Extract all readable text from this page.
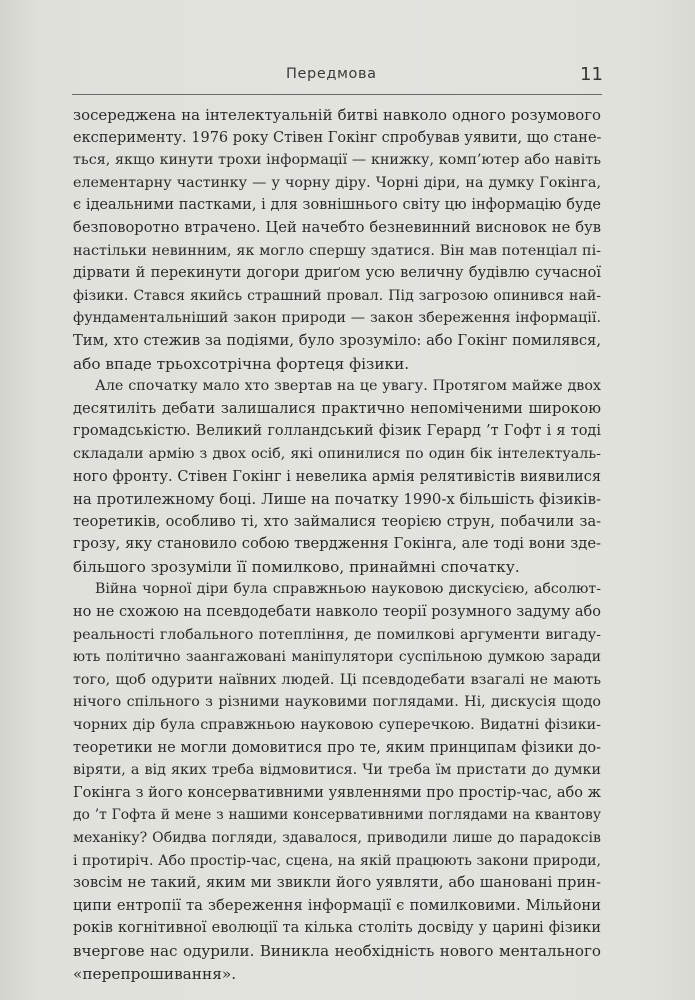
Передмова	11
зосереджена на інтелектуальній битві навколо одного розумового
експерименту. 1976 року Стівен Гокінг спробував уявити, що стане-
ться, якщо кинути трохи інформації — книжку, комп’ютер або навіть
елементарну частинку — у чорну діру. Чорні діри, на думку Гокінга,
є ідеальними пастками, і для зовнішнього світу цю інформацію буде
безповоротно втрачено. Цей начебто безневинний висновок не був
настільки невинним, як могло спершу здатися. Він мав потенціал пі-
дірвати й перекинути догори дриґом усю величну будівлю сучасної
фізики. Стався якийсь страшний провал. Під загрозою опинився най-
фундаментальніший закон природи — закон збереження інформації.
Тим, хто стежив за подіями, було зрозуміло: або Гокінг помилявся,
або впаде трьохсотрічна фортеця фізики.
Але спочатку мало хто звертав на це увагу. Протягом майже двох
десятиліть дебати залишалися практично непоміченими широкою
громадськістю. Великий голландський фізик Герард ’т Гофт і я тоді
складали армію з двох осіб, які опинилися по один бік інтелектуаль-
ного фронту. Стівен Гокінг і невелика армія релятивістів виявилися
на протилежному боці. Лише на початку 1990-х більшість фізиків-
теоретиків, особливо ті, хто займалися теорією струн, побачили за-
грозу, яку становило собою твердження Гокінга, але тоді вони зде-
більшого зрозуміли її помилково, принаймні спочатку.
Війна чорної діри була справжньою науковою дискусією, абсолют-
но не схожою на псевдодебати навколо теорії розумного задуму або
реальності глобального потепління, де помилкові аргументи вигаду-
ють політично заангажовані маніпулятори суспільною думкою заради
того, щоб одурити наївних людей. Ці псевдодебати взагалі не мають
нічого спільного з різними науковими поглядами. Ні, дискусія щодо
чорних дір була справжньою науковою суперечкою. Видатні фізики-
теоретики не могли домовитися про те, яким принципам фізики до-
віряти, а від яких треба відмовитися. Чи треба їм пристати до думки
Гокінга з його консервативними уявленнями про простір-час, або ж
до ’т Гофта й мене з нашими консервативними поглядами на квантову
механіку? Обидва погляди, здавалося, приводили лише до парадоксів
і протиріч. Або простір-час, сцена, на якій працюють закони природи,
зовсім не такий, яким ми звикли його уявляти, або шановані прин-
ципи ентропії та збереження інформації є помилковими. Мільйони
років когнітивної еволюції та кілька століть досвіду у царині фізики
вчергове нас одурили. Виникла необхідність нового ментального
«перепрошивання».
